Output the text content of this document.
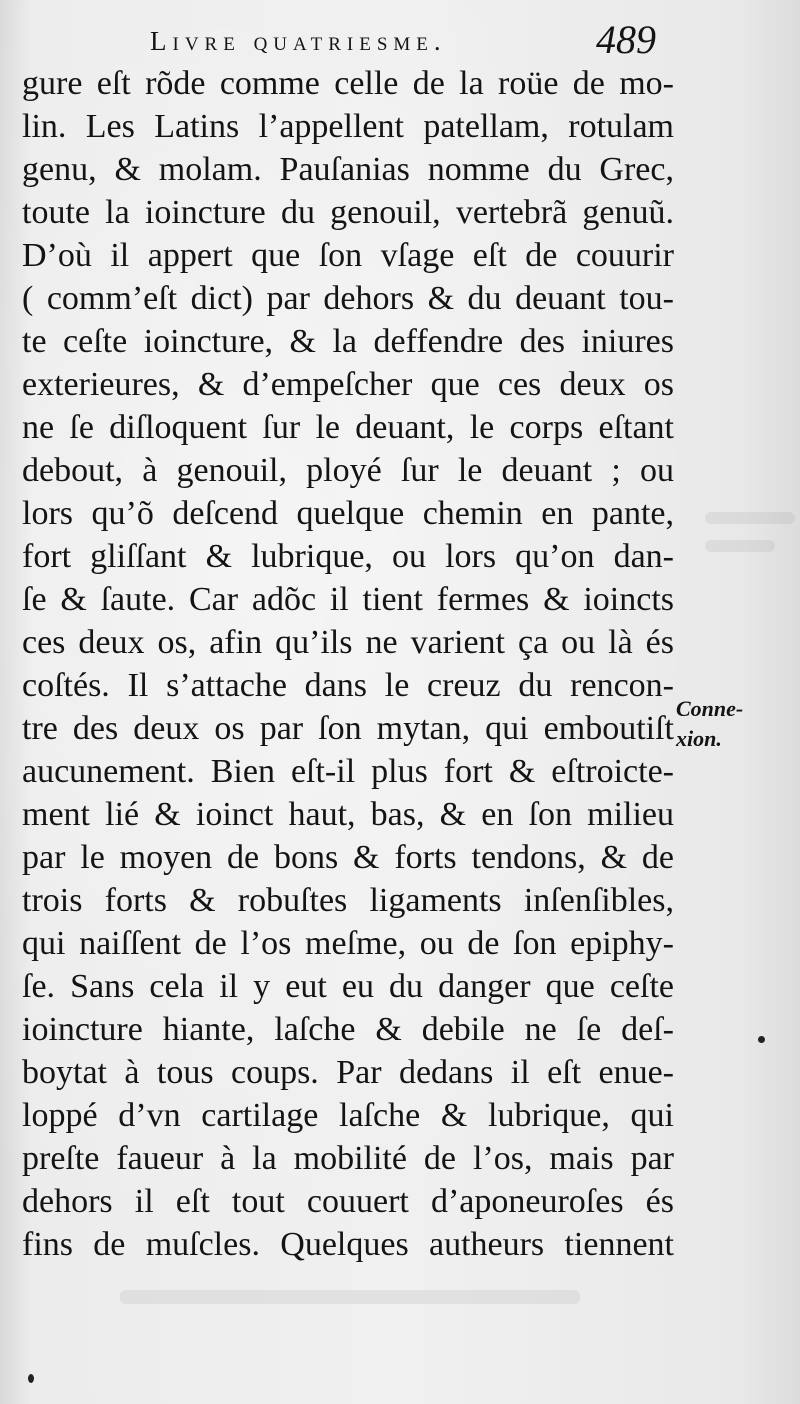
Livre quatriesme.	489
gure eſt rõde comme celle de la roüe de mo-
lin. Les Latins l’appellent patellam, rotulam
genu, & molam. Pauſanias nomme du Grec,
toute la ioincture du genouil, vertebrã genuũ.
D’où il appert que ſon vſage eſt de couurir
( comm’eſt dict) par dehors & du deuant tou-
te ceſte ioincture, & la deffendre des iniures
exterieures, & d’empeſcher que ces deux os
ne ſe diſloquent ſur le deuant, le corps eſtant
debout, à genouil, ployé ſur le deuant ; ou
lors qu’õ deſcend quelque chemin en pante,
fort gliſſant & lubrique, ou lors qu’on dan-
ſe & ſaute. Car adõc il tient fermes & ioincts
ces deux os, afin qu’ils ne varient ça ou là és
coſtés. Il s’attache dans le creuz du rencon-
tre des deux os par ſon mytan, qui emboutiſt
aucunement. Bien eſt-il plus fort & eſtroicte-
ment lié & ioinct haut, bas, & en ſon milieu
par le moyen de bons & forts tendons, & de
trois forts & robuſtes ligaments inſenſibles,
qui naiſſent de l’os meſme, ou de ſon epiphy-
ſe. Sans cela il y eut eu du danger que ceſte
ioincture hiante, laſche & debile ne ſe deſ-
boytat à tous coups. Par dedans il eſt enue-
loppé d’vn cartilage laſche & lubrique, qui
preſte faueur à la mobilité de l’os, mais par
dehors il eſt tout couuert d’aponeuroſes és
fins de muſcles. Quelques autheurs tiennent
Conne-
xion.
